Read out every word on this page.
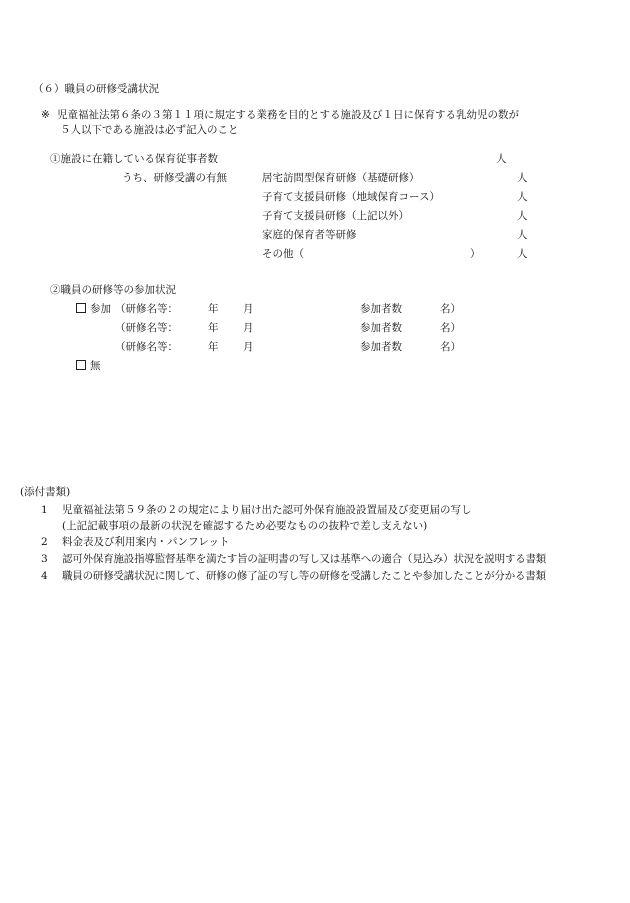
（６）職員の研修受講状況
※ 児童福祉法第６条の３第１１項に規定する業務を目的とする施設及び１日に保育する乳幼児の数が
５人以下である施設は必ず記入のこと
①施設に在籍している保育従事者数	人
うち、研修受講の有無	居宅訪問型保育研修（基礎研修）	人
子育て支援員研修（地域保育コース）	人
子育て支援員研修（上記以外）	人
家庭的保育者等研修	人
その他（	）	人
②職員の研修等の参加状況
参加 （研修名等：	年 月	参加者数	名）
（研修名等：	年 月	参加者数	名）
（研修名等：	年 月	参加者数	名）
無
(添付書類)
1 児童福祉法第５９条の２の規定により届け出た認可外保育施設設置届及び変更届の写し
(上記記載事項の最新の状況を確認するため必要なものの抜粋で差し支えない)
2 料金表及び利用案内・パンフレット
3 認可外保育施設指導監督基準を満たす旨の証明書の写し又は基準への適合（見込み）状況を説明する書類
4 職員の研修受講状況に関して、研修の修了証の写し等の研修を受講したことや参加したことが分かる書類
